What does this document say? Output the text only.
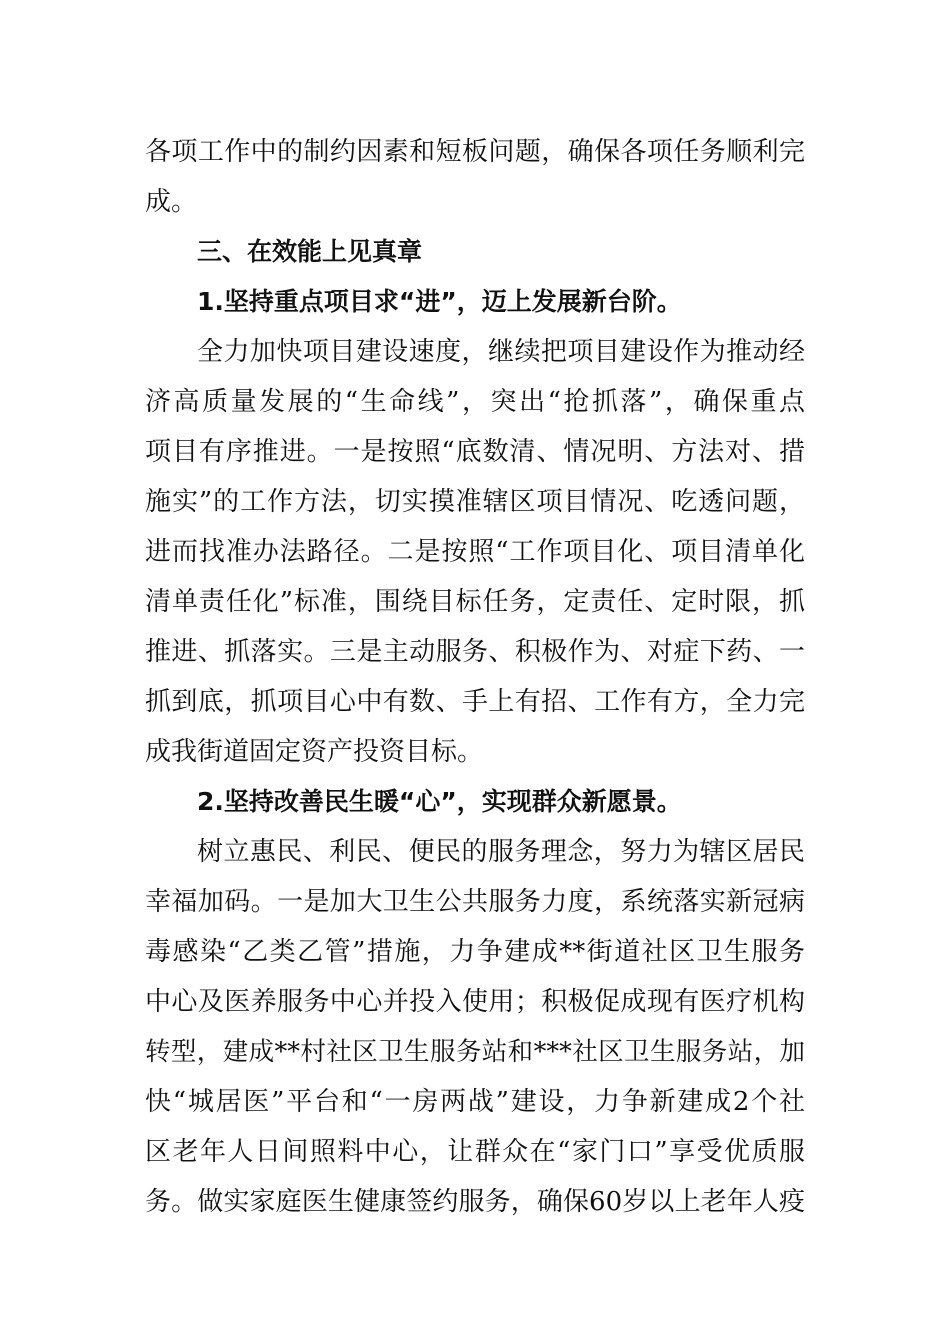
各项工作中的制约因素和短板问题，确保各项任务顺利完
成。
三、在效能上见真章
1.坚持重点项目求“进”，迈上发展新台阶。
全力加快项目建设速度，继续把项目建设作为推动经
济高质量发展的“生命线”，突出“抢抓落”，确保重点
项目有序推进。一是按照“底数清、情况明、方法对、措
施实”的工作方法，切实摸准辖区项目情况、吃透问题，
进而找准办法路径。二是按照“工作项目化、项目清单化
清单责任化”标准，围绕目标任务，定责任、定时限，抓
推进、抓落实。三是主动服务、积极作为、对症下药、一
抓到底，抓项目心中有数、手上有招、工作有方，全力完
成我街道固定资产投资目标。
2.坚持改善民生暖“心”，实现群众新愿景。
树立惠民、利民、便民的服务理念，努力为辖区居民
幸福加码。一是加大卫生公共服务力度，系统落实新冠病
毒感染“乙类乙管”措施，力争建成**街道社区卫生服务
中心及医养服务中心并投入使用；积极促成现有医疗机构
转型，建成**村社区卫生服务站和***社区卫生服务站，加
快“城居医”平台和“一房两战”建设，力争新建成2个社
区老年人日间照料中心，让群众在“家门口”享受优质服
务。做实家庭医生健康签约服务，确保60岁以上老年人疫
